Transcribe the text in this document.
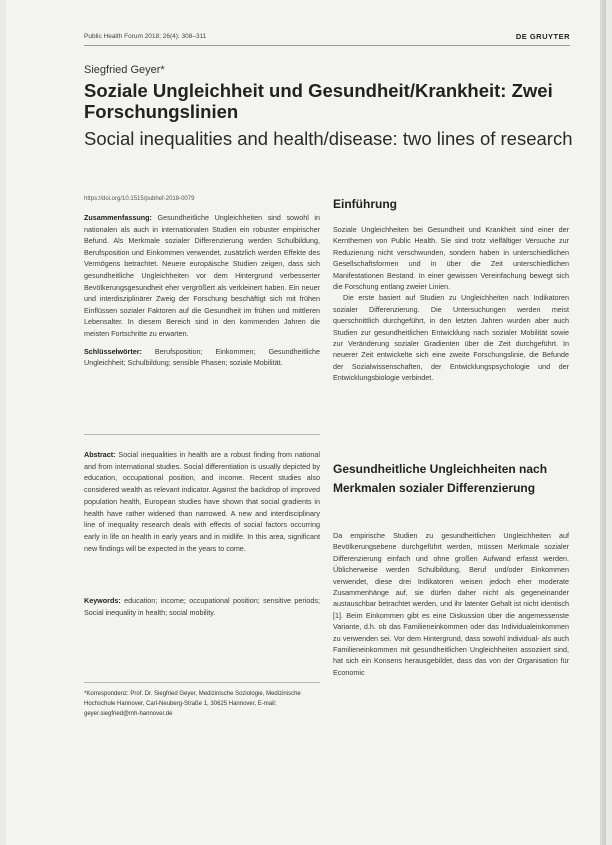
Public Health Forum 2018; 26(4): 308–311	DE GRUYTER
Siegfried Geyer*
Soziale Ungleichheit und Gesundheit/Krankheit: Zwei Forschungslinien
Social inequalities and health/disease: two lines of research
https://doi.org/10.1515/pubhef-2018-0079

Zusammenfassung: Gesundheitliche Ungleichheiten sind sowohl in nationalen als auch in internationalen Studien ein robuster empirischer Befund. Als Merkmale sozialer Differenzierung werden Schulbildung, Berufsposition und Einkommen verwendet, zusätzlich werden Effekte des Vermögens betrachtet. Neuere europäische Studien zeigen, dass sich gesundheitliche Ungleichheiten vor dem Hintergrund verbesserter Bevölkerungsgesundheit eher vergrößert als verkleinert haben. Ein neuer und interdisziplinärer Zweig der Forschung beschäftigt sich mit frühen Einflüssen sozialer Faktoren auf die Gesundheit im frühen und mittleren Lebensalter. In diesem Bereich sind in den kommenden Jahren die meisten Fortschritte zu erwarten.

Schlüsselwörter: Berufsposition; Einkommen; Gesundheitliche Ungleichheit; Schulbildung; sensible Phasen; soziale Mobilität.

Abstract: Social inequalities in health are a robust finding from national and from international studies. Social differentiation is usually depicted by education, occupational position, and income. Recent studies also considered wealth as relevant indicator. Against the backdrop of improved population health, European studies have shown that social gradients in health have rather widened than narrowed. A new and interdisciplinary line of inequality research deals with effects of social factors occurring early in life on health in early years and in midlife. In this area, significant new findings will be expected in the years to come.
Keywords: education; income; occupational position; sensitive periods; Social inequality in health; social mobility.
*Korrespondenz: Prof. Dr. Siegfried Geyer, Medizinische Soziologie, Medizinische Hochschule Hannover, Carl-Neuberg-Straße 1, 30625 Hannover, E-mail: geyer.siegfried@mh-hannover.de
Einführung

Soziale Ungleichheiten bei Gesundheit und Krankheit sind einer der Kernthemen von Public Health. Sie sind trotz vielfältiger Versuche zur Reduzierung nicht verschwunden, sondern haben in unterschiedlichen Gesellschaftsformen und in über die Zeit unterschiedlichen Manifestationen Bestand. In einer gewissen Vereinfachung bewegt sich die Forschung entlang zweier Linien.

Die erste basiert auf Studien zu Ungleichheiten nach Indikatoren sozialer Differenzierung. Die Untersuchungen werden meist querschnittlich durchgeführt, in den letzten Jahren wurden aber auch Studien zur gesundheitlichen Entwicklung nach sozialer Mobilität sowie zur Veränderung sozialer Gradienten über die Zeit durchgeführt. In neuerer Zeit entwickelte sich eine zweite Forschungslinie, die Befunde der Sozialwissenschaften, der Entwicklungspsychologie und der Entwicklungsbiologie verbindet.

Gesundheitliche Ungleichheiten nach Merkmalen sozialer Differenzierung

Da empirische Studien zu gesundheitlichen Ungleichheiten auf Bevölkerungsebene durchgeführt werden, müssen Merkmale sozialer Differenzierung einfach und ohne großen Aufwand erfasst werden. Üblicherweise werden Schulbildung, Beruf und/oder Einkommen verwendet, diese drei Indikatoren weisen jedoch eher moderate Zusammenhänge auf, sie dürfen daher nicht als gegeneinander austauschbar betrachtet werden, und ihr latenter Gehalt ist nicht identisch [1]. Beim Einkommen gibt es eine Diskussion über die angemessenste Variante, d.h. ob das Familieneinkommen oder das Individualeinkommen zu verwenden sei. Vor dem Hintergrund, dass sowohl individual- als auch Familieneinkommen mit gesundheitlichen Ungleichheiten assoziiert sind, hat sich ein Konsens herausgebildet, dass das von der Organisation für Economic
